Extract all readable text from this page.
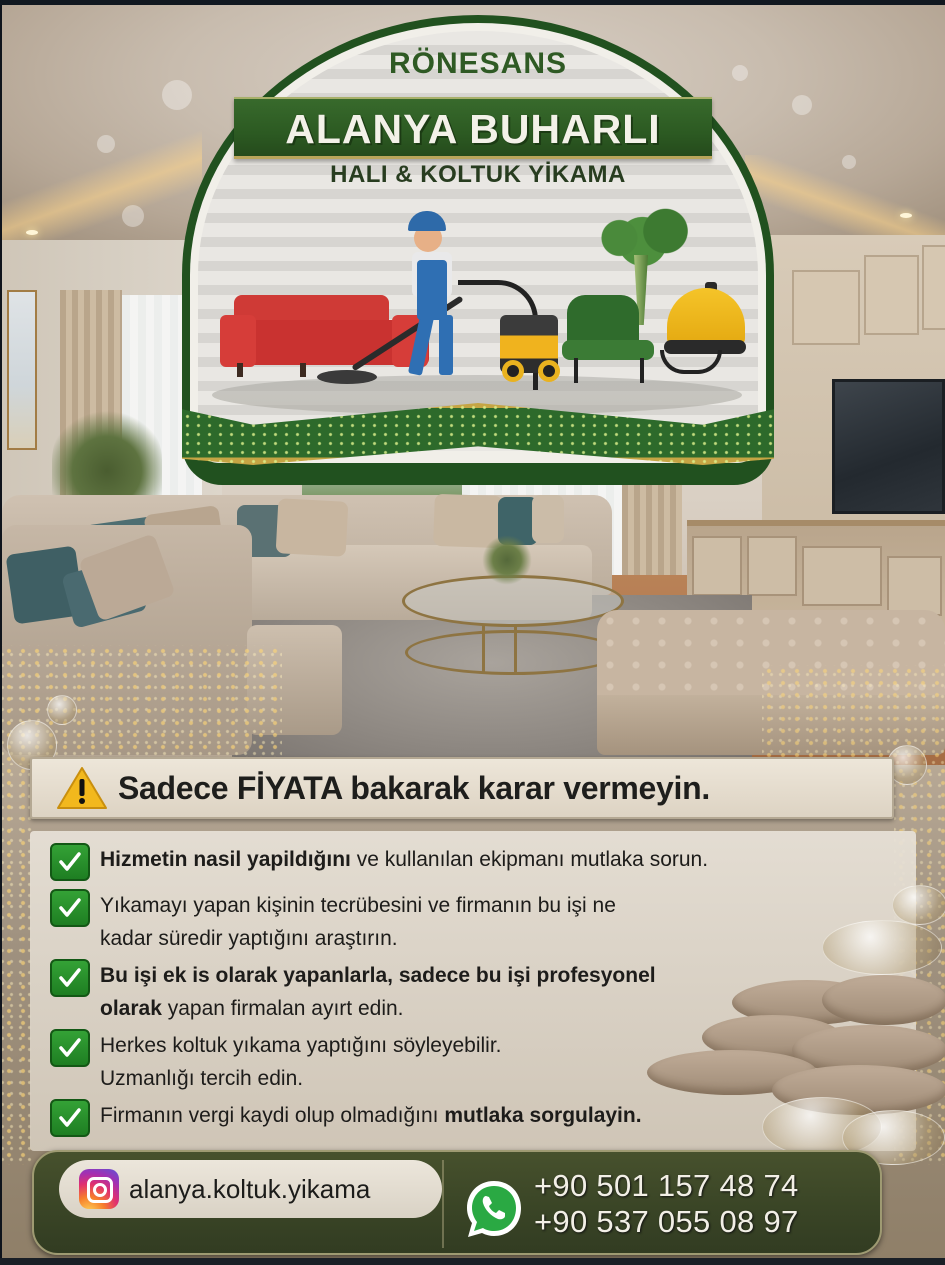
RÖNESANS
ALANYA BUHARLI
HALI & KOLTUK YİKAMA
Sadece FİYATA bakarak karar vermeyin.
Hizmetin nasil yapildığını ve kullanılan ekipmanı mutlaka sorun.
Yıkamayı yapan kişinin tecrübesini ve firmanın bu işi ne
kadar süredir yaptığını araştırın.
Bu işi ek is olarak yapanlarla, sadece bu işi profesyonel
olarak yapan firmalan ayırt edin.
Herkes koltuk yıkama yaptığını söyleyebilir.
Uzmanlığı tercih edin.
Firmanın vergi kaydi olup olmadığını mutlaka sorgulayin.
alanya.koltuk.yikama	+90 501 157 48 74
+90 537 055 08 97
